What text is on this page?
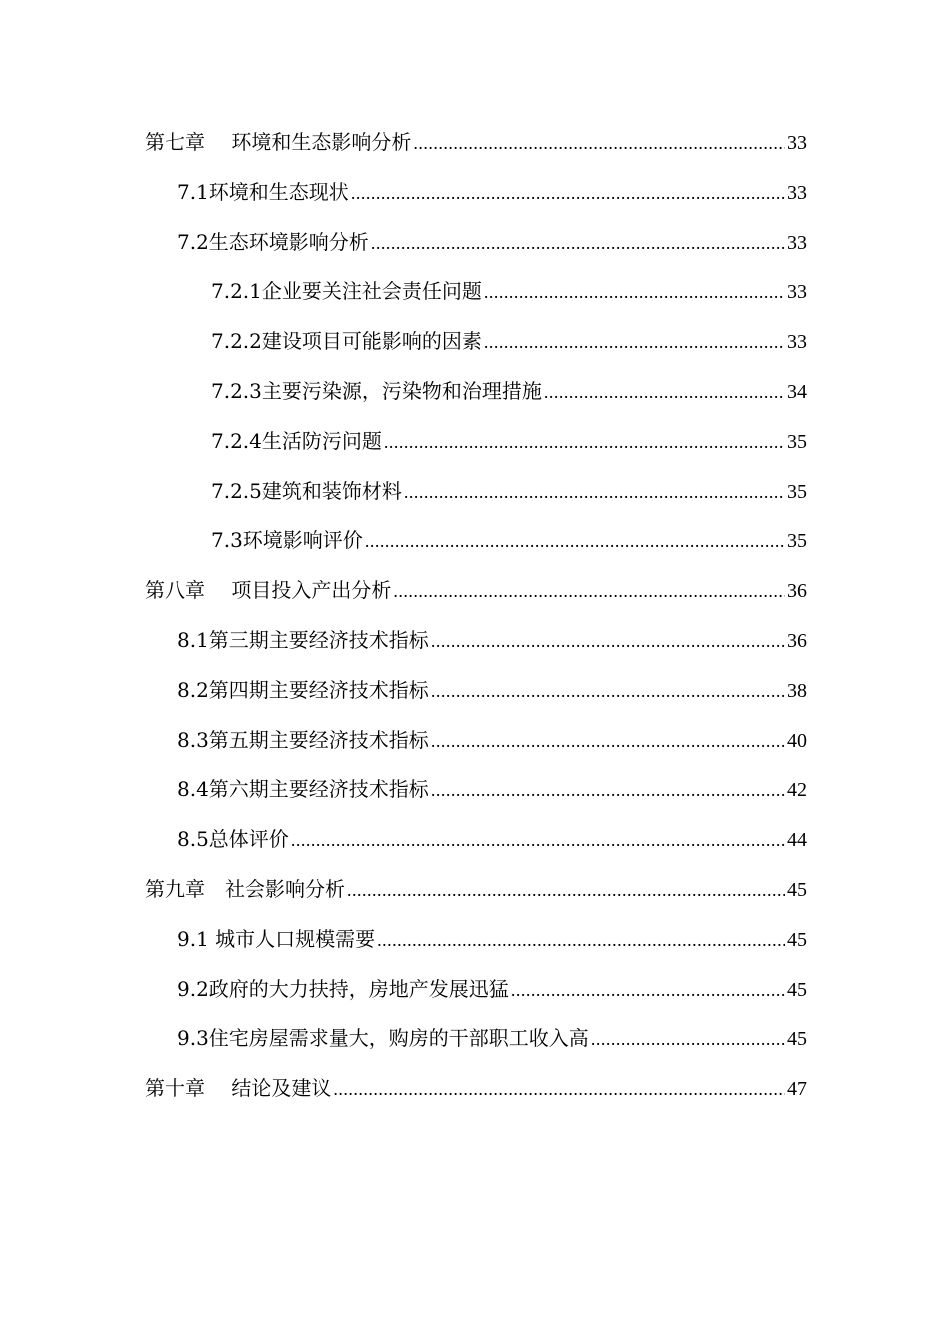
第七章　 环境和生态影响分析 .....	33
7.1环境和生态现状 .....	33
7.2生态环境影响分析 .....	33
7.2.1企业要关注社会责任问题 .....	33
7.2.2建设项目可能影响的因素 .....	33
7.2.3主要污染源，污染物和治理措施 .....	34
7.2.4生活防污问题 .....	35
7.2.5建筑和装饰材料 .....	35
7.3环境影响评价 .....	35
第八章　 项目投入产出分析 .....	36
8.1第三期主要经济技术指标 .....	36
8.2第四期主要经济技术指标 .....	38
8.3第五期主要经济技术指标 .....	40
8.4第六期主要经济技术指标 .....	42
8.5总体评价 .....	44
第九章　社会影响分析 .....	45
9.1 城市人口规模需要 .....	45
9.2政府的大力扶持，房地产发展迅猛 .....	45
9.3住宅房屋需求量大，购房的干部职工收入高 .....	45
第十章　 结论及建议 .....	47
